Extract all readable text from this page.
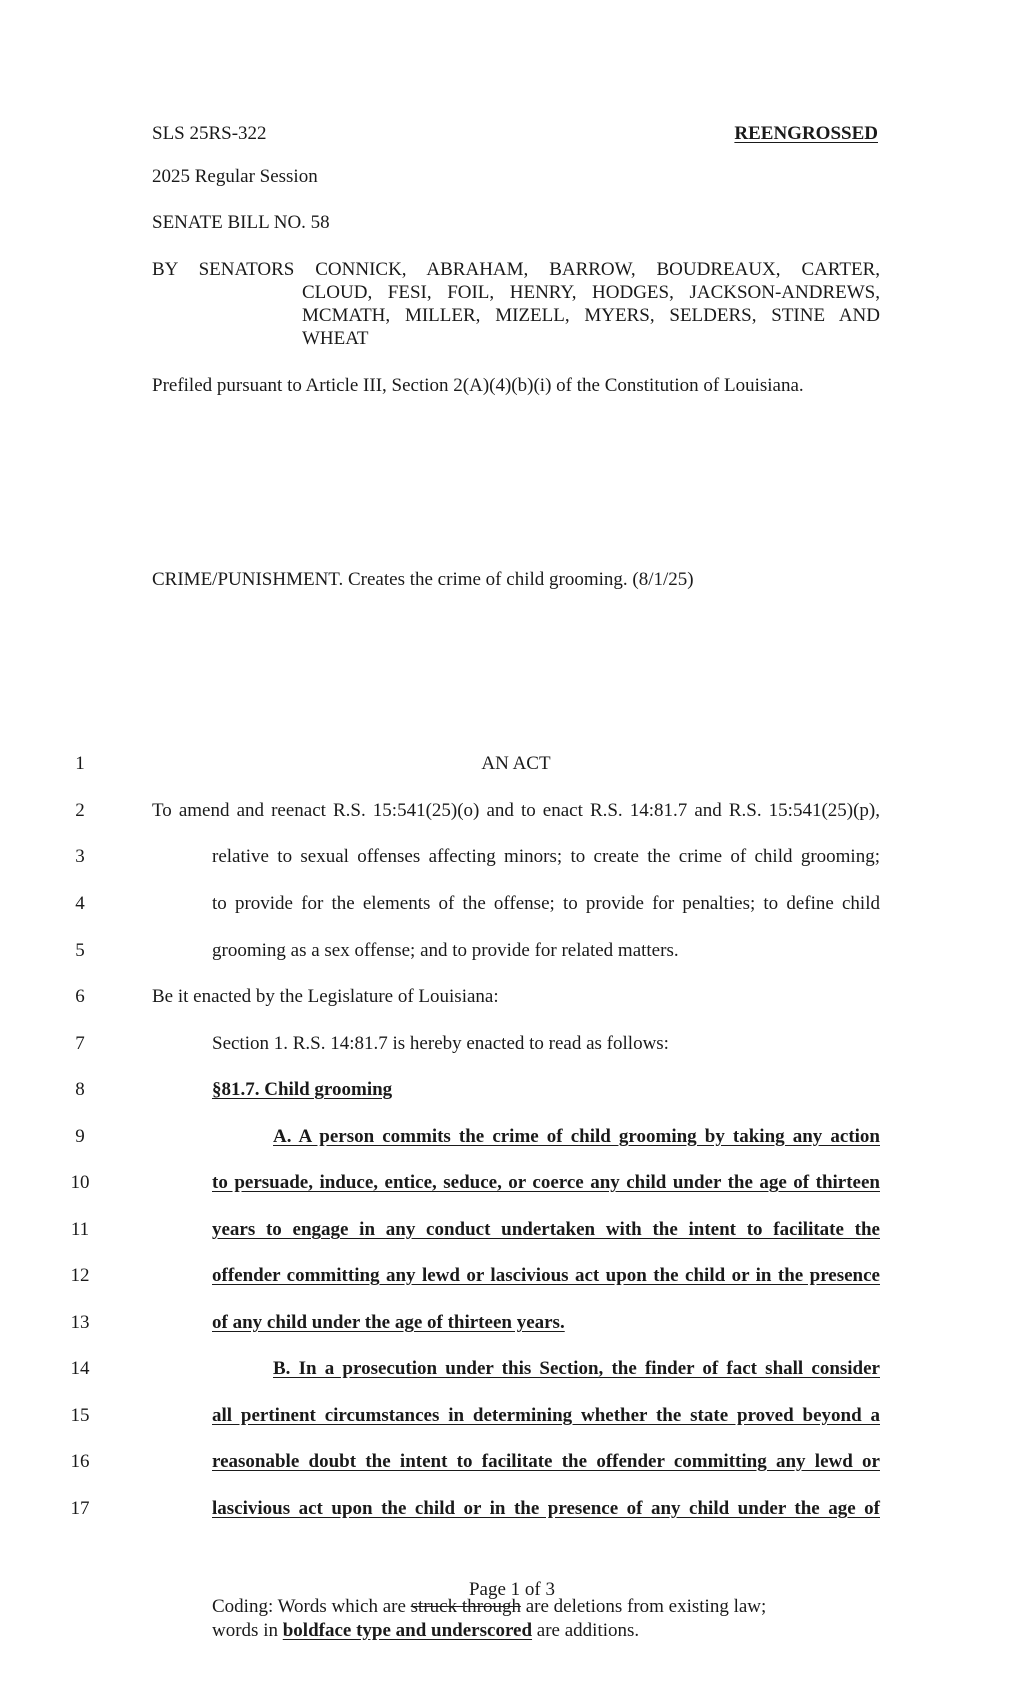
SLS 25RS-322	REENGROSSED
2025 Regular Session
SENATE BILL NO. 58
BY SENATORS CONNICK, ABRAHAM, BARROW, BOUDREAUX, CARTER,
CLOUD, FESI, FOIL, HENRY, HODGES, JACKSON-ANDREWS,
MCMATH, MILLER, MIZELL, MYERS, SELDERS, STINE AND
WHEAT
Prefiled pursuant to Article III, Section 2(A)(4)(b)(i) of the Constitution of Louisiana.
CRIME/PUNISHMENT. Creates the crime of child grooming. (8/1/25)
1	AN ACT
2	To amend and reenact R.S. 15:541(25)(o) and to enact R.S. 14:81.7 and R.S. 15:541(25)(p),
3	relative to sexual offenses affecting minors; to create the crime of child grooming;
4	to provide for the elements of the offense; to provide for penalties; to define child
5	grooming as a sex offense; and to provide for related matters.
6	Be it enacted by the Legislature of Louisiana:
7	Section 1. R.S. 14:81.7 is hereby enacted to read as follows:
8	§81.7. Child grooming
9	A. A person commits the crime of child grooming by taking any action
10	to persuade, induce, entice, seduce, or coerce any child under the age of thirteen
11	years to engage in any conduct undertaken with the intent to facilitate the
12	offender committing any lewd or lascivious act upon the child or in the presence
13	of any child under the age of thirteen years.
14	B. In a prosecution under this Section, the finder of fact shall consider
15	all pertinent circumstances in determining whether the state proved beyond a
16	reasonable doubt the intent to facilitate the offender committing any lewd or
17	lascivious act upon the child or in the presence of any child under the age of
Page 1 of 3
Coding: Words which are struck through are deletions from existing law;
words in boldface type and underscored are additions.
